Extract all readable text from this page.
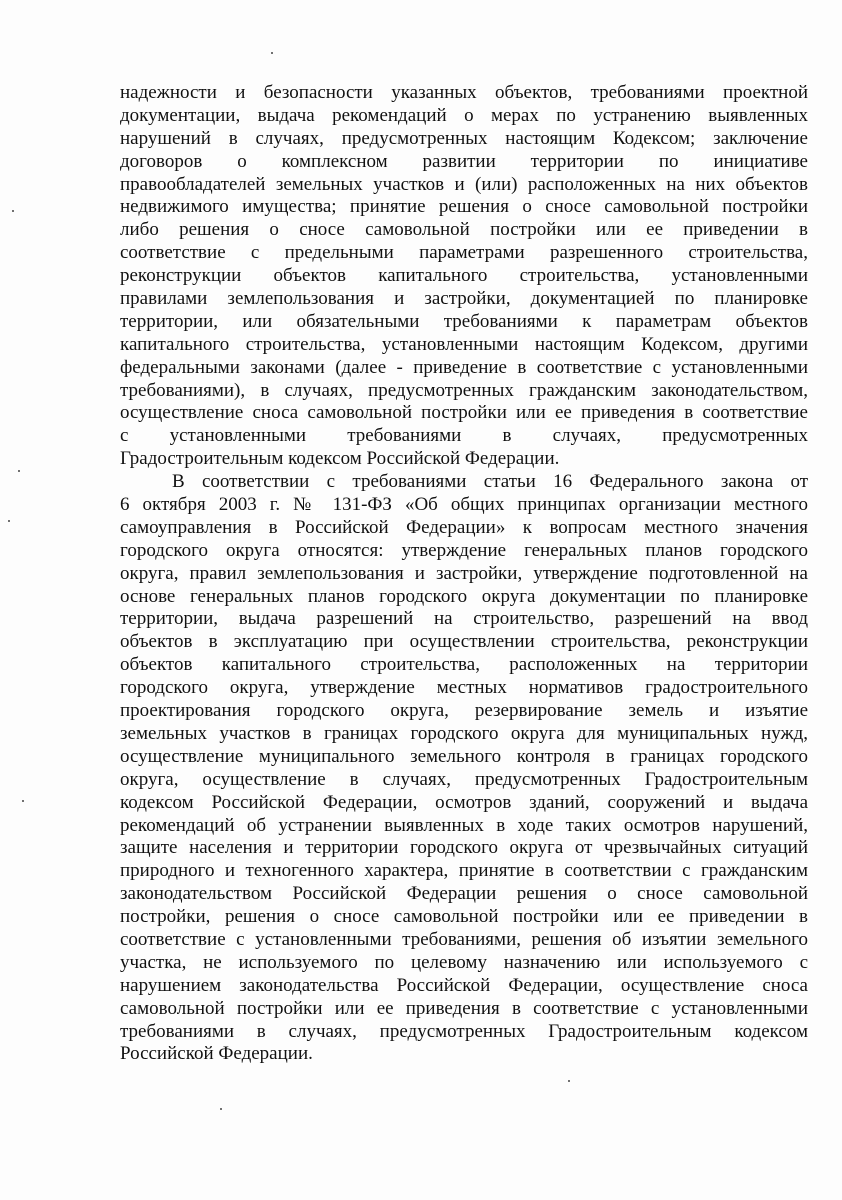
надежности и безопасности указанных объектов, требованиями проектной
документации, выдача рекомендаций о мерах по устранению выявленных
нарушений в случаях, предусмотренных настоящим Кодексом; заключение
договоров о комплексном развитии территории по инициативе
правообладателей земельных участков и (или) расположенных на них объектов
недвижимого имущества; принятие решения о сносе самовольной постройки
либо решения о сносе самовольной постройки или ее приведении в
соответствие с предельными параметрами разрешенного строительства,
реконструкции объектов капитального строительства, установленными
правилами землепользования и застройки, документацией по планировке
территории, или обязательными требованиями к параметрам объектов
капитального строительства, установленными настоящим Кодексом, другими
федеральными законами (далее - приведение в соответствие с установленными
требованиями), в случаях, предусмотренных гражданским законодательством,
осуществление сноса самовольной постройки или ее приведения в соответствие
с установленными требованиями в случаях, предусмотренных
Градостроительным кодексом Российской Федерации.
В соответствии с требованиями статьи 16 Федерального закона от
6 октября 2003 г. № 131-ФЗ «Об общих принципах организации местного
самоуправления в Российской Федерации» к вопросам местного значения
городского округа относятся: утверждение генеральных планов городского
округа, правил землепользования и застройки, утверждение подготовленной на
основе генеральных планов городского округа документации по планировке
территории, выдача разрешений на строительство, разрешений на ввод
объектов в эксплуатацию при осуществлении строительства, реконструкции
объектов капитального строительства, расположенных на территории
городского округа, утверждение местных нормативов градостроительного
проектирования городского округа, резервирование земель и изъятие
земельных участков в границах городского округа для муниципальных нужд,
осуществление муниципального земельного контроля в границах городского
округа, осуществление в случаях, предусмотренных Градостроительным
кодексом Российской Федерации, осмотров зданий, сооружений и выдача
рекомендаций об устранении выявленных в ходе таких осмотров нарушений,
защите населения и территории городского округа от чрезвычайных ситуаций
природного и техногенного характера, принятие в соответствии с гражданским
законодательством Российской Федерации решения о сносе самовольной
постройки, решения о сносе самовольной постройки или ее приведении в
соответствие с установленными требованиями, решения об изъятии земельного
участка, не используемого по целевому назначению или используемого с
нарушением законодательства Российской Федерации, осуществление сноса
самовольной постройки или ее приведения в соответствие с установленными
требованиями в случаях, предусмотренных Градостроительным кодексом
Российской Федерации.
